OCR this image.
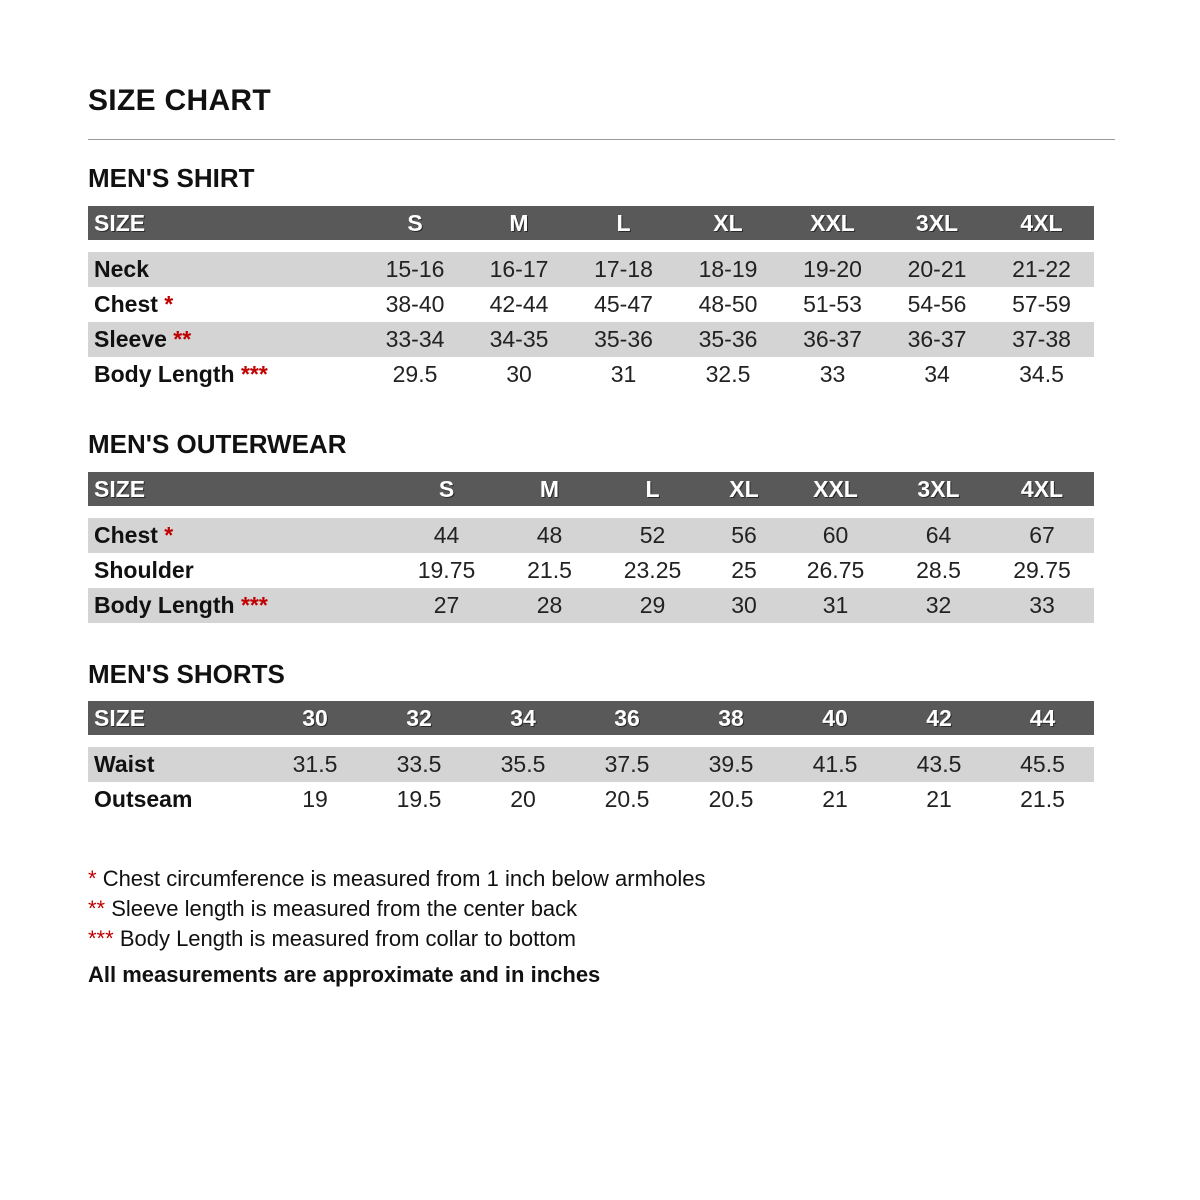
SIZE CHART
MEN'S SHIRT
SIZE	S	M	L	XL	XXL	3XL	4XL

Neck	15-16	16-17	17-18	18-19	19-20	20-21	21-22
Chest *	38-40	42-44	45-47	48-50	51-53	54-56	57-59
Sleeve **	33-34	34-35	35-36	35-36	36-37	36-37	37-38
Body Length ***	29.5	30	31	32.5	33	34	34.5
MEN'S OUTERWEAR
SIZE	S	M	L	XL	XXL	3XL	4XL

Chest *	44	48	52	56	60	64	67
Shoulder	19.75	21.5	23.25	25	26.75	28.5	29.75
Body Length ***	27	28	29	30	31	32	33
MEN'S SHORTS
SIZE	30	32	34	36	38	40	42	44

Waist	31.5	33.5	35.5	37.5	39.5	41.5	43.5	45.5
Outseam	19	19.5	20	20.5	20.5	21	21	21.5
* Chest circumference is measured from 1 inch below armholes
** Sleeve length is measured from the center back
*** Body Length is measured from collar to bottom
All measurements are approximate and in inches
